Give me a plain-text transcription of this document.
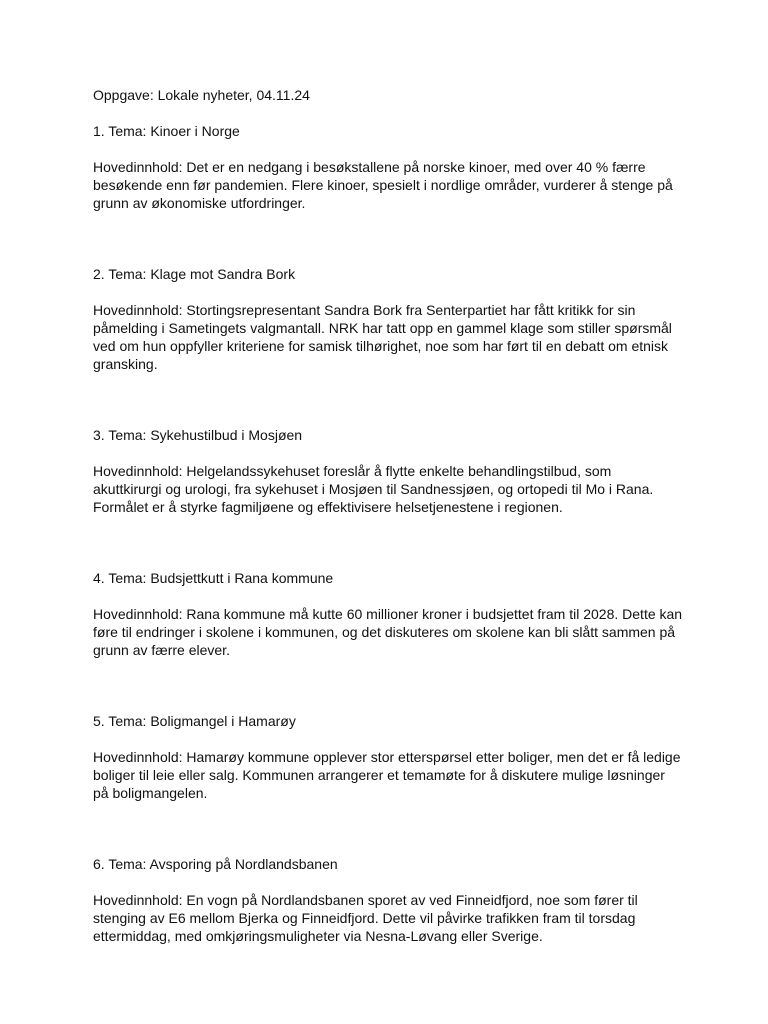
Oppgave: Lokale nyheter, 04.11.24

1. Tema: Kinoer i Norge

Hovedinnhold: Det er en nedgang i besøkstallene på norske kinoer, med over 40 % færre besøkende enn før pandemien. Flere kinoer, spesielt i nordlige områder, vurderer å stenge på grunn av økonomiske utfordringer.

2. Tema: Klage mot Sandra Bork

Hovedinnhold: Stortingsrepresentant Sandra Bork fra Senterpartiet har fått kritikk for sin påmelding i Sametingets valgmantall. NRK har tatt opp en gammel klage som stiller spørsmål ved om hun oppfyller kriteriene for samisk tilhørighet, noe som har ført til en debatt om etnisk gransking.

3. Tema: Sykehustilbud i Mosjøen

Hovedinnhold: Helgelandssykehuset foreslår å flytte enkelte behandlingstilbud, som akuttkirurgi og urologi, fra sykehuset i Mosjøen til Sandnessjøen, og ortopedi til Mo i Rana. Formålet er å styrke fagmiljøene og effektivisere helsetjenestene i regionen.

4. Tema: Budsjettkutt i Rana kommune

Hovedinnhold: Rana kommune må kutte 60 millioner kroner i budsjettet fram til 2028. Dette kan føre til endringer i skolene i kommunen, og det diskuteres om skolene kan bli slått sammen på grunn av færre elever.

5. Tema: Boligmangel i Hamarøy

Hovedinnhold: Hamarøy kommune opplever stor etterspørsel etter boliger, men det er få ledige boliger til leie eller salg. Kommunen arrangerer et temamøte for å diskutere mulige løsninger på boligmangelen.

6. Tema: Avsporing på Nordlandsbanen

Hovedinnhold: En vogn på Nordlandsbanen sporet av ved Finneidfjord, noe som fører til stenging av E6 mellom Bjerka og Finneidfjord. Dette vil påvirke trafikken fram til torsdag ettermiddag, med omkjøringsmuligheter via Nesna-Løvang eller Sverige.
